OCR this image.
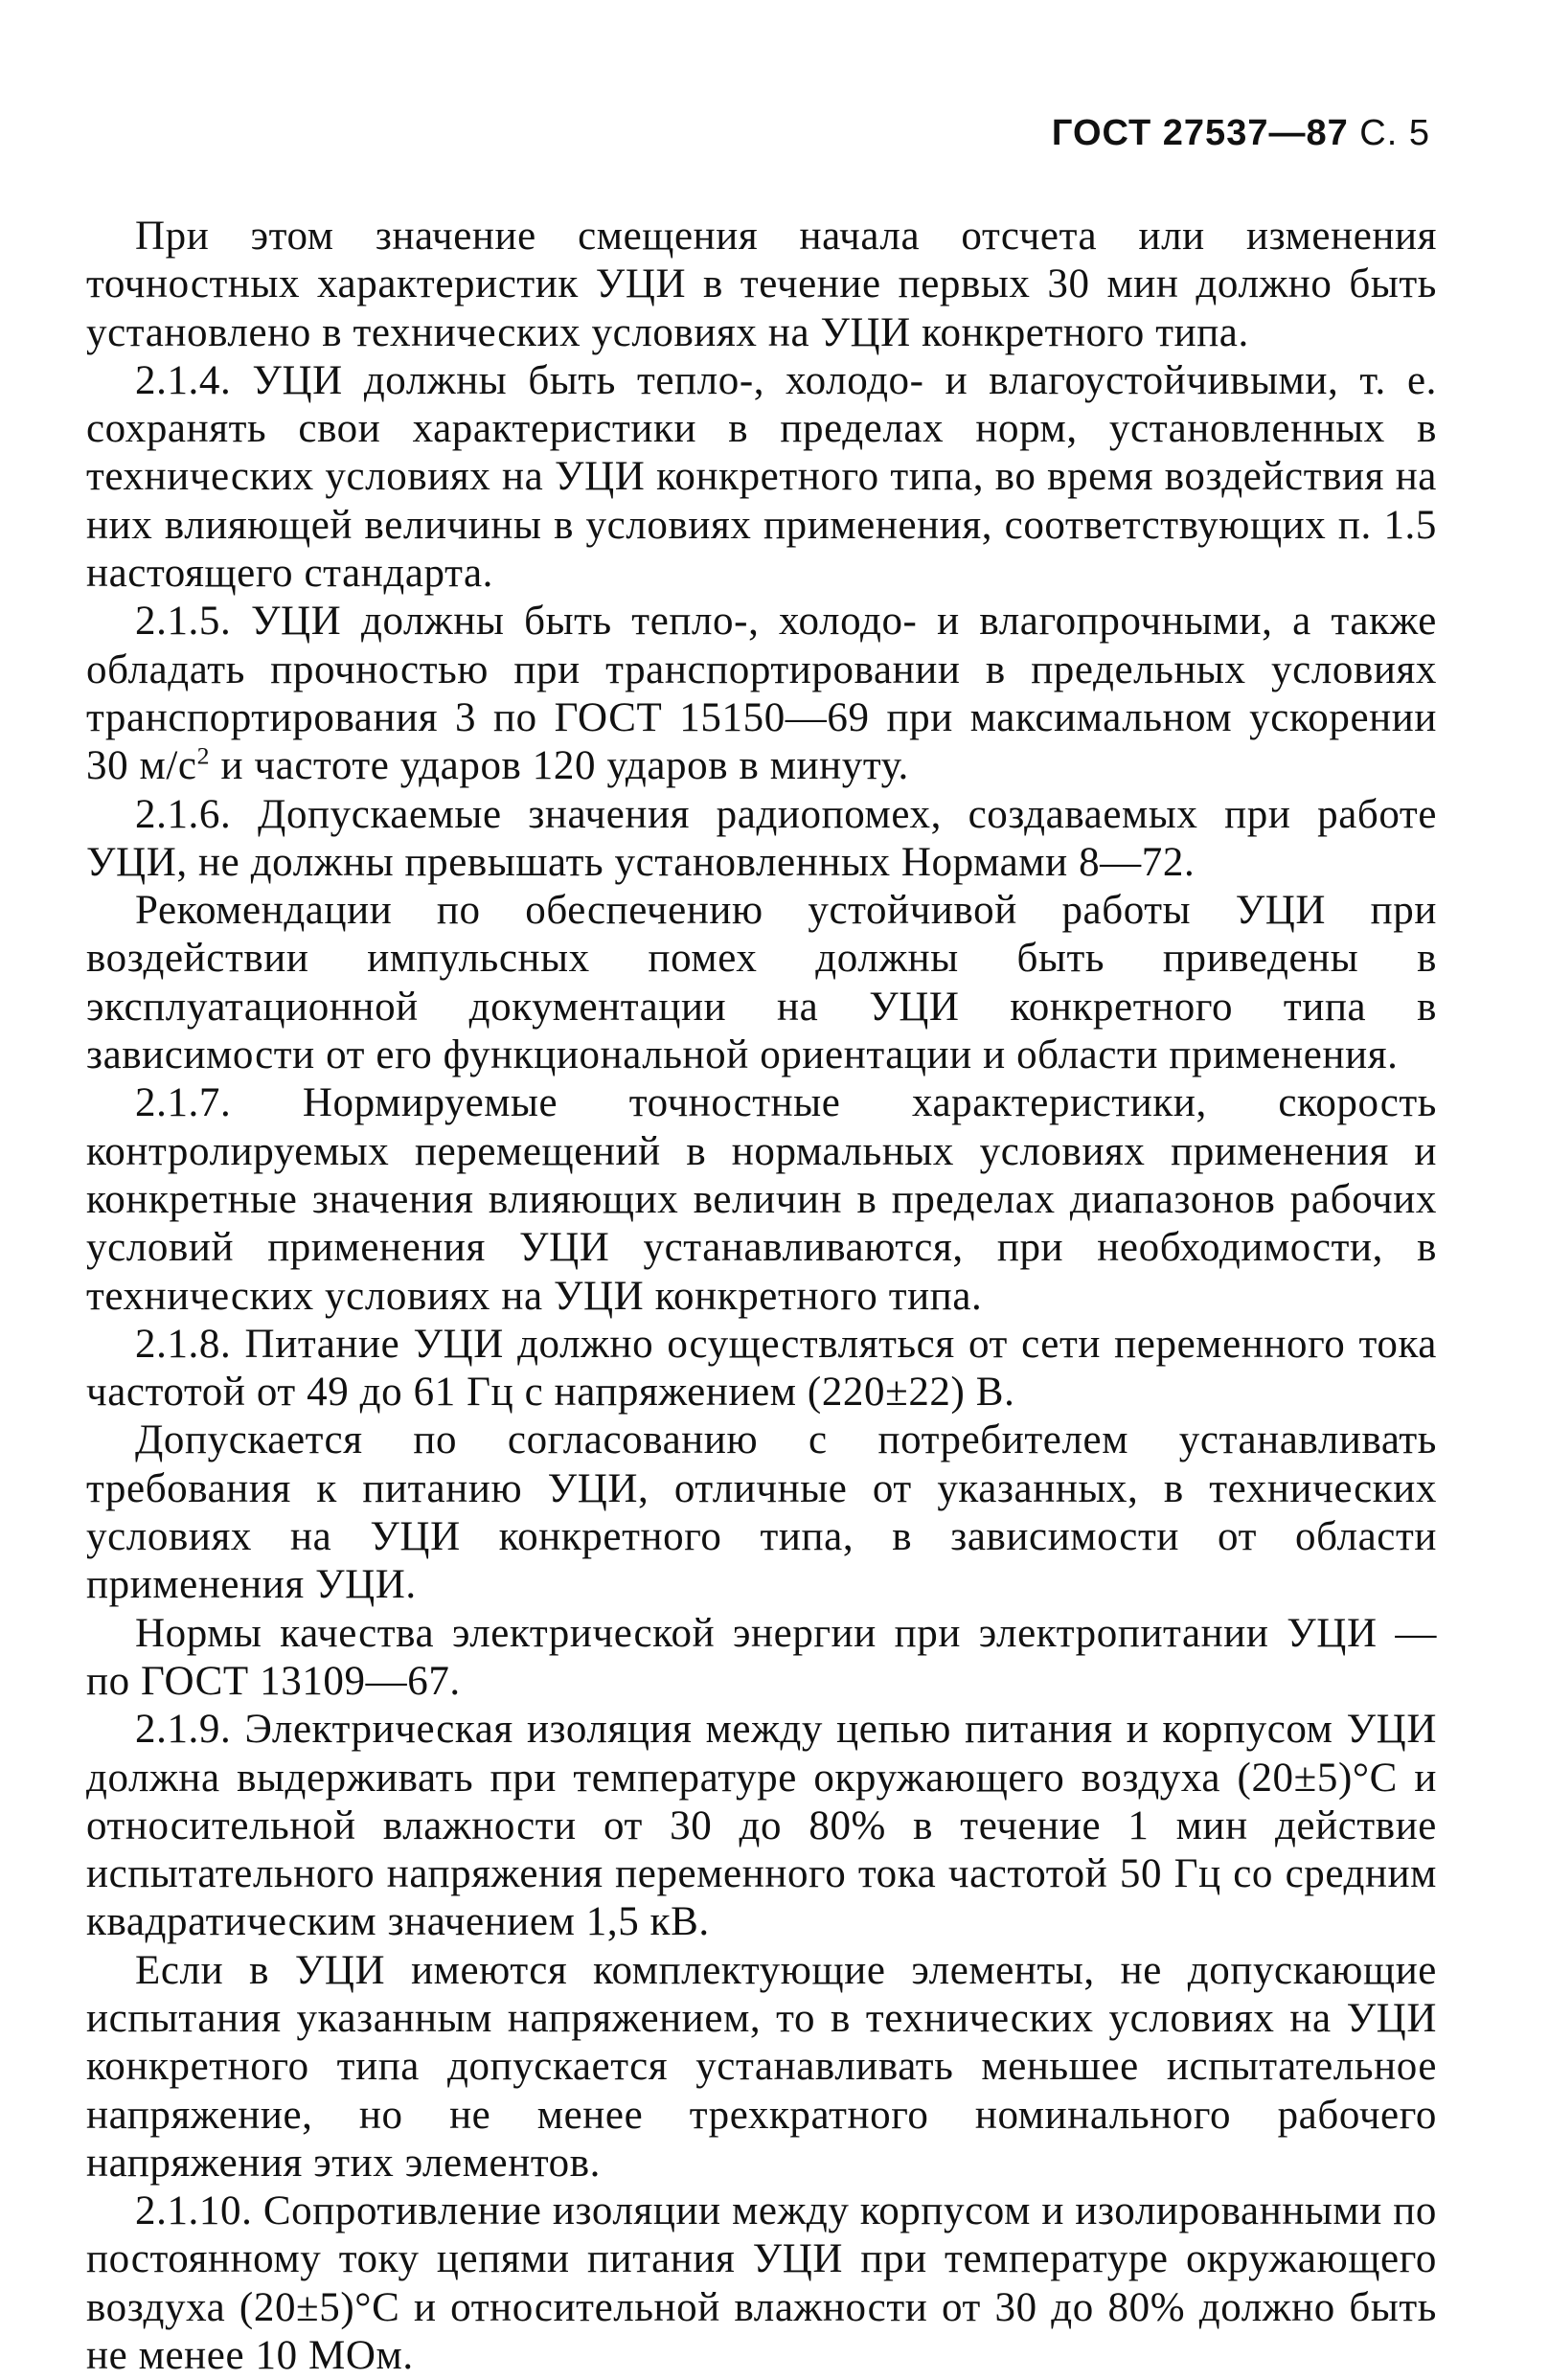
ГОСТ 27537—87 С. 5

При этом значение смещения начала отсчета или изменения точностных характеристик УЦИ в течение первых 30 мин должно быть установлено в технических условиях на УЦИ конкретного типа.

2.1.4. УЦИ должны быть тепло-, холодо- и влагоустойчивыми, т. е. сохранять свои характеристики в пределах норм, установленных в технических условиях на УЦИ конкретного типа, во время воздействия на них влияющей величины в условиях применения, соответствующих п. 1.5 настоящего стандарта.

2.1.5. УЦИ должны быть тепло-, холодо- и влагопрочными, а также обладать прочностью при транспортировании в предельных условиях транспортирования 3 по ГОСТ 15150—69 при максимальном ускорении 30 $м/с^2$ и частоте ударов 120 ударов в минуту.

2.1.6. Допускаемые значения радиопомех, создаваемых при работе УЦИ, не должны превышать установленных Нормами 8—72.

Рекомендации по обеспечению устойчивой работы УЦИ при воздействии импульсных помех должны быть приведены в эксплуатационной документации на УЦИ конкретного типа в зависимости от его функциональной ориентации и области применения.

2.1.7. Нормируемые точностные характеристики, скорость контролируемых перемещений в нормальных условиях применения и конкретные значения влияющих величин в пределах диапазонов рабочих условий применения УЦИ устанавливаются, при необходимости, в технических условиях на УЦИ конкретного типа.

2.1.8. Питание УЦИ должно осуществляться от сети переменного тока частотой от 49 до 61 Гц с напряжением (220±22) В.

Допускается по согласованию с потребителем устанавливать требования к питанию УЦИ, отличные от указанных, в технических условиях на УЦИ конкретного типа, в зависимости от области применения УЦИ.

Нормы качества электрической энергии при электропитании УЦИ — по ГОСТ 13109—67.

2.1.9. Электрическая изоляция между цепью питания и корпусом УЦИ должна выдерживать при температуре окружающего воздуха (20±5)°C и относительной влажности от 30 до 80% в течение 1 мин действие испытательного напряжения переменного тока частотой 50 Гц со средним квадратическим значением 1,5 кВ.

Если в УЦИ имеются комплектующие элементы, не допускающие испытания указанным напряжением, то в технических условиях на УЦИ конкретного типа допускается устанавливать меньшее испытательное напряжение, но не менее трехкратного номинального рабочего напряжения этих элементов.

2.1.10. Сопротивление изоляции между корпусом и изолированными по постоянному току цепями питания УЦИ при температуре окружающего воздуха (20±5)°C и относительной влажности от 30 до 80% должно быть не менее 10 МОм.
